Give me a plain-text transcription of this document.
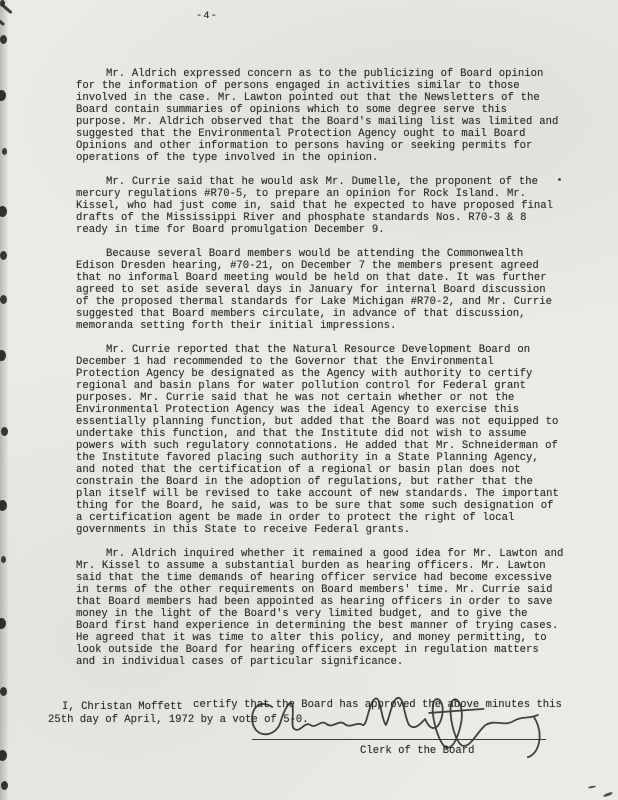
-4-

Mr. Aldrich expressed concern as to the publicizing of Board opinion for the information of persons engaged in activities similar to those involved in the case. Mr. Lawton pointed out that the Newsletters of the Board contain summaries of opinions which to some degree serve this purpose. Mr. Aldrich observed that the Board's mailing list was limited and suggested that the Environmental Protection Agency ought to mail Board Opinions and other information to persons having or seeking permits for operations of the type involved in the opinion.

Mr. Currie said that he would ask Mr. Dumelle, the proponent of the mercury regulations #R70-5, to prepare an opinion for Rock Island. Mr. Kissel, who had just come in, said that he expected to have proposed final drafts of the Mississippi River and phosphate standards Nos. R70-3 & 8 ready in time for Board promulgation December 9.

Because several Board members would be attending the Commonwealth Edison Dresden hearing, #70-21, on December 7 the members present agreed that no informal Board meeting would be held on that date. It was further agreed to set aside several days in January for internal Board discussion of the proposed thermal standards for Lake Michigan #R70-2, and Mr. Currie suggested that Board members circulate, in advance of that discussion, memoranda setting forth their initial impressions.

Mr. Currie reported that the Natural Resource Development Board on December 1 had recommended to the Governor that the Environmental Protection Agency be designated as the Agency with authority to certify regional and basin plans for water pollution control for Federal grant purposes. Mr. Currie said that he was not certain whether or not the Environmental Protection Agency was the ideal Agency to exercise this essentially planning function, but added that the Board was not equipped to undertake this function, and that the Institute did not wish to assume powers with such regulatory connotations. He added that Mr. Schneiderman of the Institute favored placing such authority in a State Planning Agency, and noted that the certification of a regional or basin plan does not constrain the Board in the adoption of regulations, but rather that the plan itself will be revised to take account of new standards. The important thing for the Board, he said, was to be sure that some such designation of a certification agent be made in order to protect the right of local governments in this State to receive Federal grants.

Mr. Aldrich inquired whether it remained a good idea for Mr. Lawton and Mr. Kissel to assume a substantial burden as hearing officers. Mr. Lawton said that the time demands of hearing officer service had become excessive in terms of the other requirements on Board members' time. Mr. Currie said that Board members had been appointed as hearing officers in order to save money in the light of the Board's very limited budget, and to give the Board first hand experience in determining the best manner of trying cases. He agreed that it was time to alter this policy, and money permitting, to look outside the Board for hearing officers except in regulation matters and in individual cases of particular significance.

I, Christan Moffett certify that the Board has approved the above minutes this
25th day of April, 1972 by a vote of 5-0.
Clerk of the Board
